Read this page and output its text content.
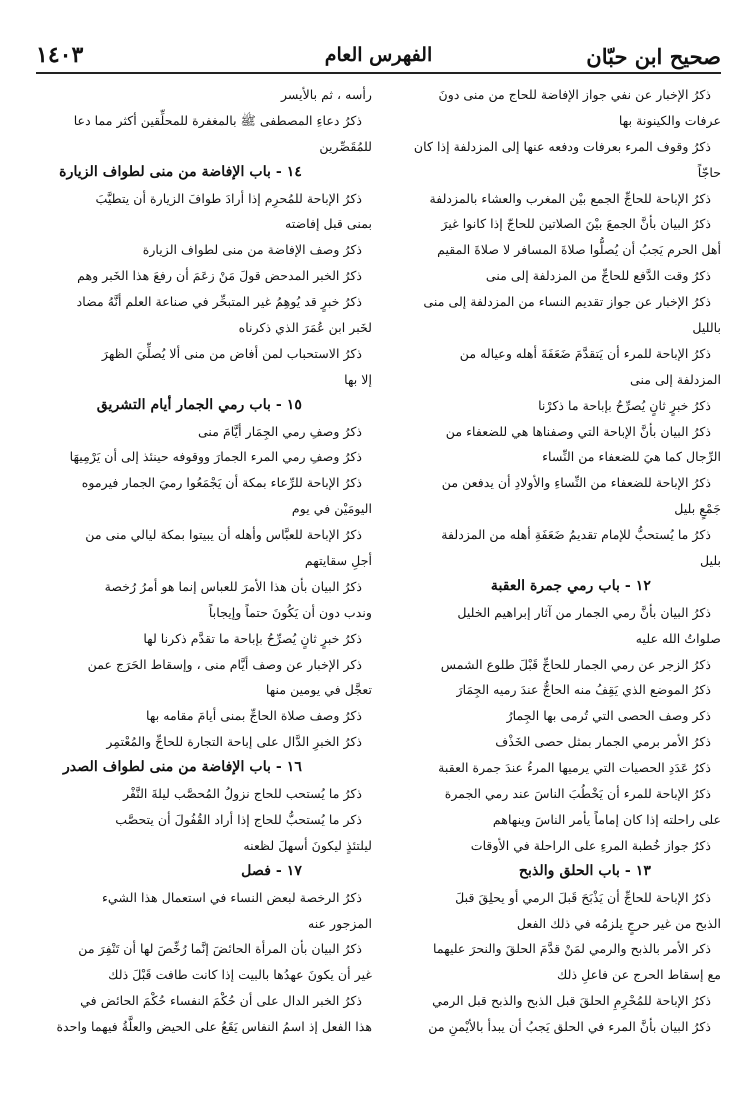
صحيح ابن حبّان
الفهرس العام
١٤٠٣
ذكرُ الإخبار عن نفي جواز الإفاضة للحاج من منى دونَ
عرفات والكينونة بها
ذكرُ وقوف المرء بعرفات ودفعه عنها إلى المزدلفة إذا كان
حاجّاً
ذكرُ الإباحة للحاجِّ الجمع بيْن المغرب والعشاء بالمزدلفة
ذكرُ البيان بأنَّ الجمعَ بيْنَ الصلاتين للحاجّ إذا كانوا غيرَ
أهل الحرم يَجبُ أن يُصلُّوا صلاةَ المسافر لا صلاةَ المقيم
ذكرُ وقت الدَّفع للحاجِّ من المزدلفة إلى منى
ذكرُ الإخبار عن جواز تقديم النساء من المزدلفة إلى منى
بالليل
ذكرُ الإباحة للمرء أن يَتقدَّمَ ضَعَفَةَ أهله وعياله من
المزدلفة إلى منى
ذكرُ خبرٍ ثانٍ يُصرِّحُ بإباحة ما ذكرْنا
ذكرُ البيان بأنَّ الإباحة التي وصفناها هي للضعفاء من
الرِّجال كما هيَ للضعفاء من النِّساء
ذكرُ الإباحة للضعفاء من النِّساءِ والأولادِ أن يدفعن من
جَمْعٍ بليل
ذكرُ ما يُستحبُّ للإمام تقديمُ ضَعَفَةِ أهله من المزدلفة
بليل
١٢ - باب رمي جمرة العقبة
ذكرُ البيان بأنَّ رمي الجمار من آثار إبراهيم الخليل
صلواتُ الله عليه
ذكرُ الزجر عن رمي الجمار للحاجِّ قَبْلَ طلوع الشمس
ذكرُ الموضع الذي يَقِفُ منه الحاجُّ عندَ رميه الجِمَارَ
ذكر وصف الحصى التي تُرمى بها الجِمارُ
ذكرُ الأمر برمي الجمار بمثل حصى الخَذْف
ذكرُ عَدَدِ الحصيات التي يرميها المرءُ عندَ جمرة العقبة
ذكرُ الإباحة للمرء أن يَخْطُبَ الناسَ عند رمي الجمرة
على راحلته إذا كان إماماً يأمر الناسَ وينهاهم
ذكرُ جواز خُطبة المرءِ على الراحلة في الأوقات
١٣ - باب الحلق والذبح
ذكرُ الإباحة للحاجِّ أن يَذْبَحَ قَبلَ الرمي أو يحلِقَ قبلَ
الذبح من غير حرجٍ يلزمُه في ذلك الفعل
ذكر الأمر بالذبح والرمي لمَنْ قدَّمَ الحلقَ والنحرَ عليهما
مع إسقاط الحرج عن فاعلِ ذلك
ذكرُ الإباحة للمُحْرِمِ الحلقَ قبل الذبح والذبح قبل الرمي
ذكرُ البيان بأنَّ المرء في الحلق يَجبُ أن يبدأ بالأيْمنِ من
رأسه ، ثم بالأيسر
ذكرُ دعاءِ المصطفى ﷺ بالمغفرة للمحلِّقين أكثر مما دعا
للمُقَصِّرين
١٤ - باب الإفاضة من منى لطواف الزيارة
ذكرُ الإباحة للمُحرِم إذا أرادَ طوافَ الزيارة أن يتطيَّبَ
بمنى قبل إفاضته
ذكرُ وصف الإفاضة من منى لطواف الزيارة
ذكرُ الخبر المدحض قولَ مَنْ زعَمَ أن رفعَ هذا الخَبر وهم
ذكرُ خبرٍ قد يُوهِمُ غير المتبحِّر في صناعة العلم أنَّهُ مضاد
لخَبر ابن عُمَرَ الذي ذكرناه
ذكرُ الاستحباب لمن أفاض من منى ألا يُصلِّيَ الظهرَ
إلا بها
١٥ - باب رمي الجمار أيام التشريق
ذكرُ وصفِ رمي الجِمَار أيَّامَ منى
ذكرُ وصفِ رمي المرء الجمارَ ووقوفه حينئذ إلى أن يَرْمِيهَا
ذكرُ الإباحة للرِّعاء بمكة أن يَجْمَعُوا رميَ الجمار فيرموه
اليومَيْن في يوم
ذكرُ الإباحة للعبَّاس وأهله أن يبيتوا بمكة ليالي منى من
أجلِ سقايتهم
ذكرُ البيان بأن هذا الأمرَ للعباس إنما هو أمرُ رُخصة
وندب دون أن يَكُونَ حتماً وإيجاباً
ذكرُ خبرٍ ثانٍ يُصرِّحُ بإباحة ما تقدَّم ذكرنا لها
ذكر الإخبار عن وصف أيَّام منى ، وإسقاط الحَرَج عمن
تعجَّل في يومين منها
ذكرُ وصف صلاة الحاجِّ بمنى أيامَ مقامه بها
ذكرُ الخبرِ الدَّال على إباحة التجارة للحاجِّ والمُعْتمِر
١٦ - باب الإفاضة من منى لطواف الصدر
ذكرُ ما يُستحب للحاج نزولُ المُحصَّب ليلةَ النَّفْر
ذكر ما يُستحبُّ للحاج إذا أراد القُفُولَ أن يتحصَّب
ليلتئذٍ ليكونَ أسهلَ لظعنه
١٧ - فصل
ذكرُ الرخصة لبعض النساء في استعمال هذا الشيء
المزجور عنه
ذكرُ البيان بأن المرأة الحائضَ إنَّما رُخِّصَ لها أن تَنْفِرَ من
غير أن يكونَ عهدُها بالبيت إذا كانت طافت قَبْلَ ذلك
ذكرُ الخبر الدال على أن حُكْمَ النفساء حُكْمَ الحائض في
هذا الفعل إذ اسمُ النفاس يَقَعُ على الحيض والعلَّةُ فيهما واحدة
